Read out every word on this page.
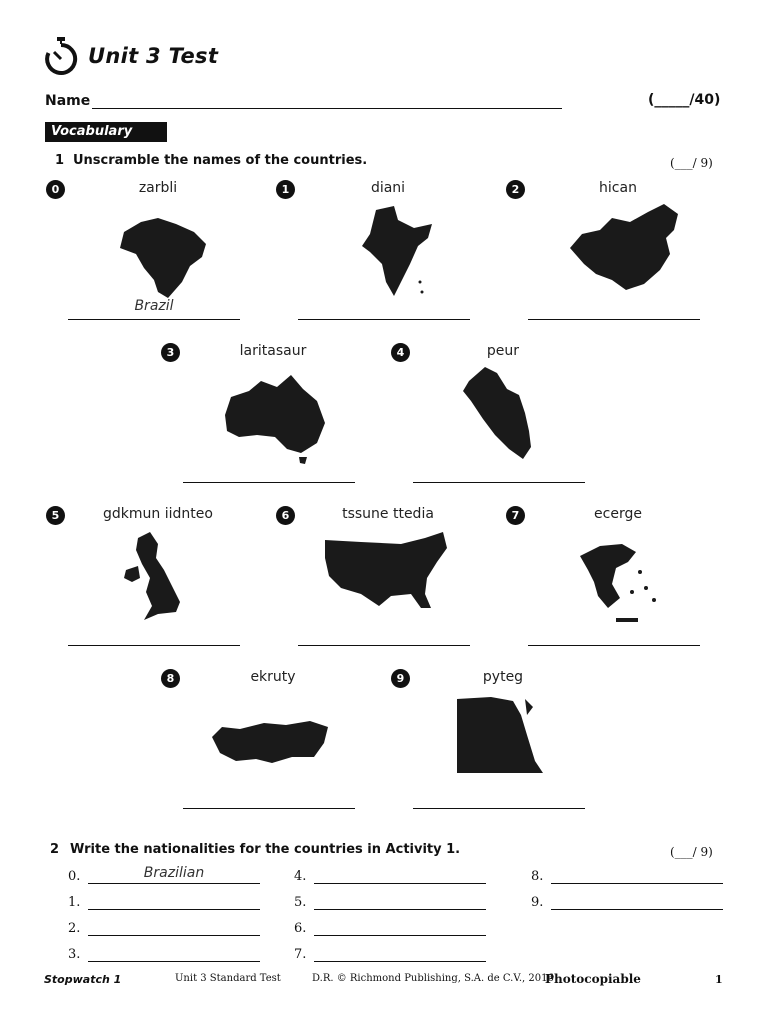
Unit 3 Test
Name	(_____/40)
Vocabulary
1 Unscramble the names of the countries.	(___/ 9)
0	zarbli
Brazil
1	diani	2	hican
3	laritasaur	4	peur
5	gdkmun iidnteo	6	tssune ttedia	7	ecerge
8	ekruty	9	pyteg
2 Write the nationalities for the countries in Activity 1.	(___/ 9)
0.	Brazilian
1.
2.
3.
4.
5.
6.
7.
8.
9.
Stopwatch 1	Unit 3 Standard Test	D.R. © Richmond Publishing, S.A. de C.V., 2016
Photocopiable	1
